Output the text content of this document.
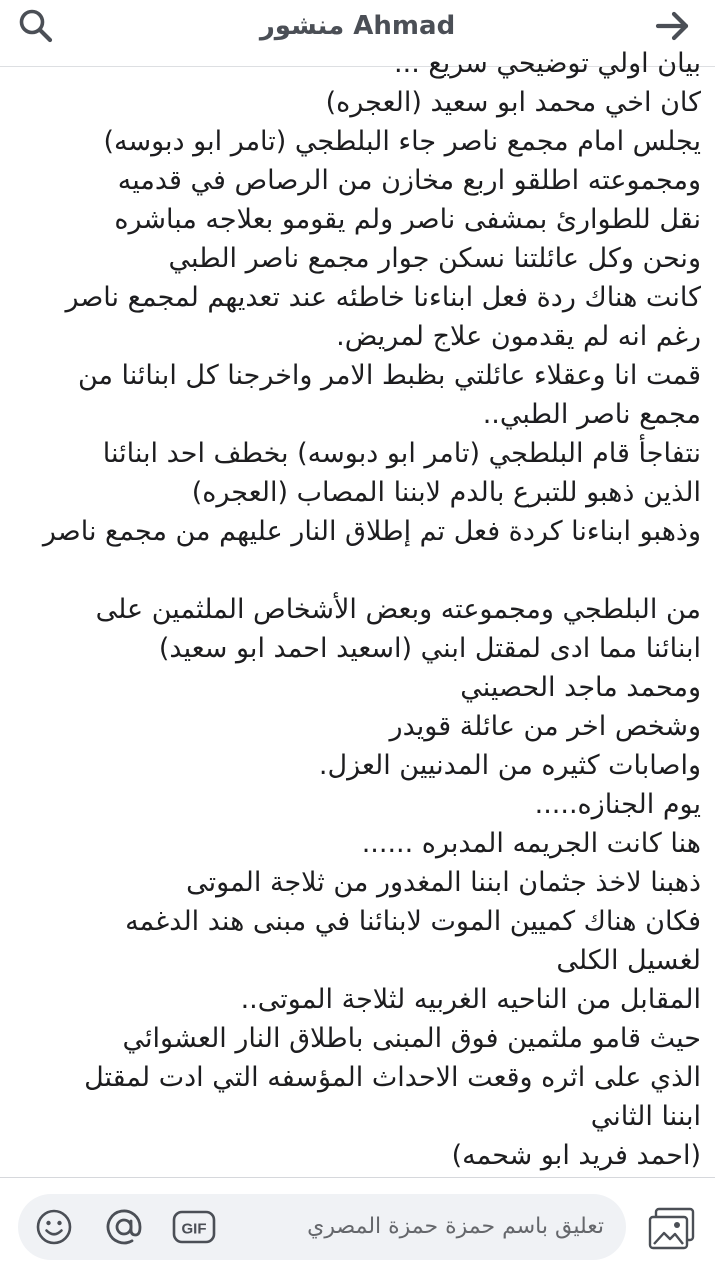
منشور Ahmad
بيان اولي توضيحي سريع ...
كان اخي محمد ابو سعيد (العجره)
يجلس امام مجمع ناصر جاء البلطجي (تامر ابو دبوسه)
ومجموعته اطلقو اربع مخازن من الرصاص في قدميه
نقل للطوارئ بمشفى ناصر ولم يقومو بعلاجه مباشره
ونحن وكل عائلتنا نسكن جوار مجمع ناصر الطبي
كانت هناك ردة فعل ابناءنا خاطئه عند تعديهم لمجمع ناصر
رغم انه لم يقدمون علاج لمريض.
قمت انا وعقلاء عائلتي بظبط الامر واخرجنا كل ابنائنا من
مجمع ناصر الطبي..
نتفاجأ قام البلطجي (تامر ابو دبوسه) بخطف احد ابنائنا
الذين ذهبو للتبرع بالدم لابننا المصاب (العجره)
وذهبو ابناءنا كردة فعل تم إطلاق النار عليهم من مجمع ناصر
من البلطجي ومجموعته وبعض الأشخاص الملثمين على
ابنائنا مما ادى لمقتل ابني (اسعيد احمد ابو سعيد)
ومحمد ماجد الحصيني
وشخص اخر من عائلة قويدر
واصابات كثيره من المدنيين العزل.
يوم الجنازه.....
هنا كانت الجريمه المدبره ......
ذهبنا لاخذ جثمان ابننا المغدور من ثلاجة الموتى
فكان هناك كميين الموت لابنائنا في مبنى هند الدغمه
لغسيل الكلى
المقابل من الناحيه الغربيه لثلاجة الموتى..
حيث قامو ملثمين فوق المبنى باطلاق النار العشوائي
الذي على اثره وقعت الاحداث المؤسفه التي ادت لمقتل
ابننا الثاني
(احمد فريد ابو شحمه)
GIF	تعليق باسم حمزة حمزة المصري
